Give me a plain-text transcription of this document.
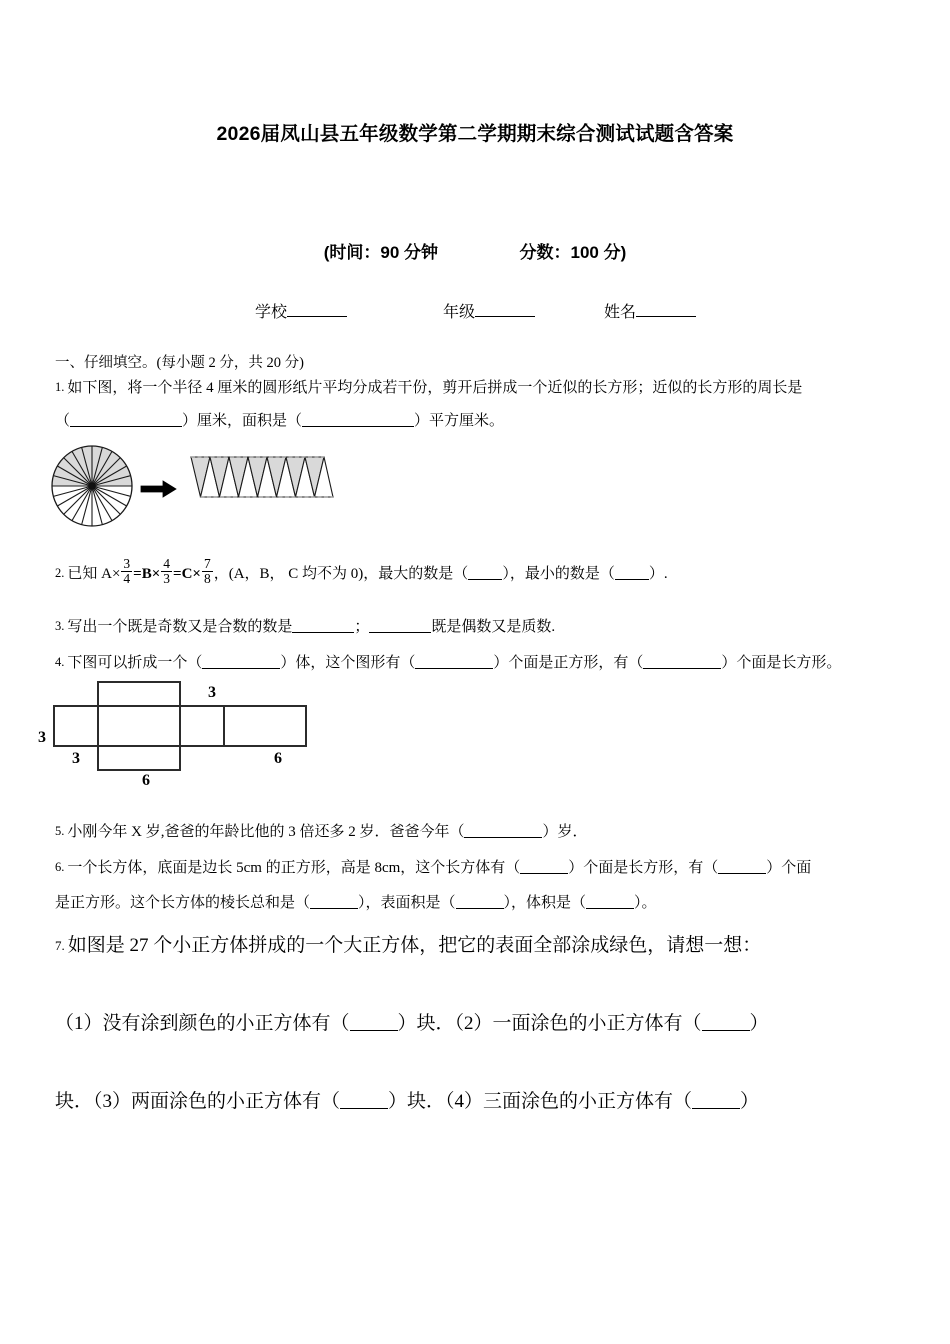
2026届凤山县五年级数学第二学期期末综合测试试题含答案
(时间：90 分钟	分数：100 分)
学校	年级	姓名
一、仔细填空。(每小题 2 分，共 20 分)
1. 如下图，将一个半径 4 厘米的圆形纸片平均分成若干份，剪开后拼成一个近似的长方形；近似的长方形的周长是
（	）厘米，面积是（	）平方厘米。
2. 已知 $A\times \frac{3}{4} =B\times \frac{4}{3} =C\times \frac{7}{8}$ ，(A，B， C 均不为 0)，最大的数是（ ），最小的数是（ ）.
3. 写出一个既是奇数又是合数的数是	；	既是偶数又是质数.
4. 下图可以折成一个（	）体，这个图形有（	）个面是正方形，有（	）个面是长方形。
3
3
3
6
6
5. 小刚今年 X 岁,爸爸的年龄比他的 3 倍还多 2 岁．爸爸今年（	）岁．
6. 一个长方体，底面是边长 5cm 的正方形，高是 8cm，这个长方体有（	）个面是长方形，有（	）个面
是正方形。这个长方体的棱长总和是（	），表面积是（	），体积是（	）。
7. 如图是 27 个小正方体拼成的一个大正方体，把它的表面全部涂成绿色，请想一想：
（1）没有涂到颜色的小正方体有（	）块．（2）一面涂色的小正方体有（	）
块．（3）两面涂色的小正方体有（	）块．（4）三面涂色的小正方体有（	）
